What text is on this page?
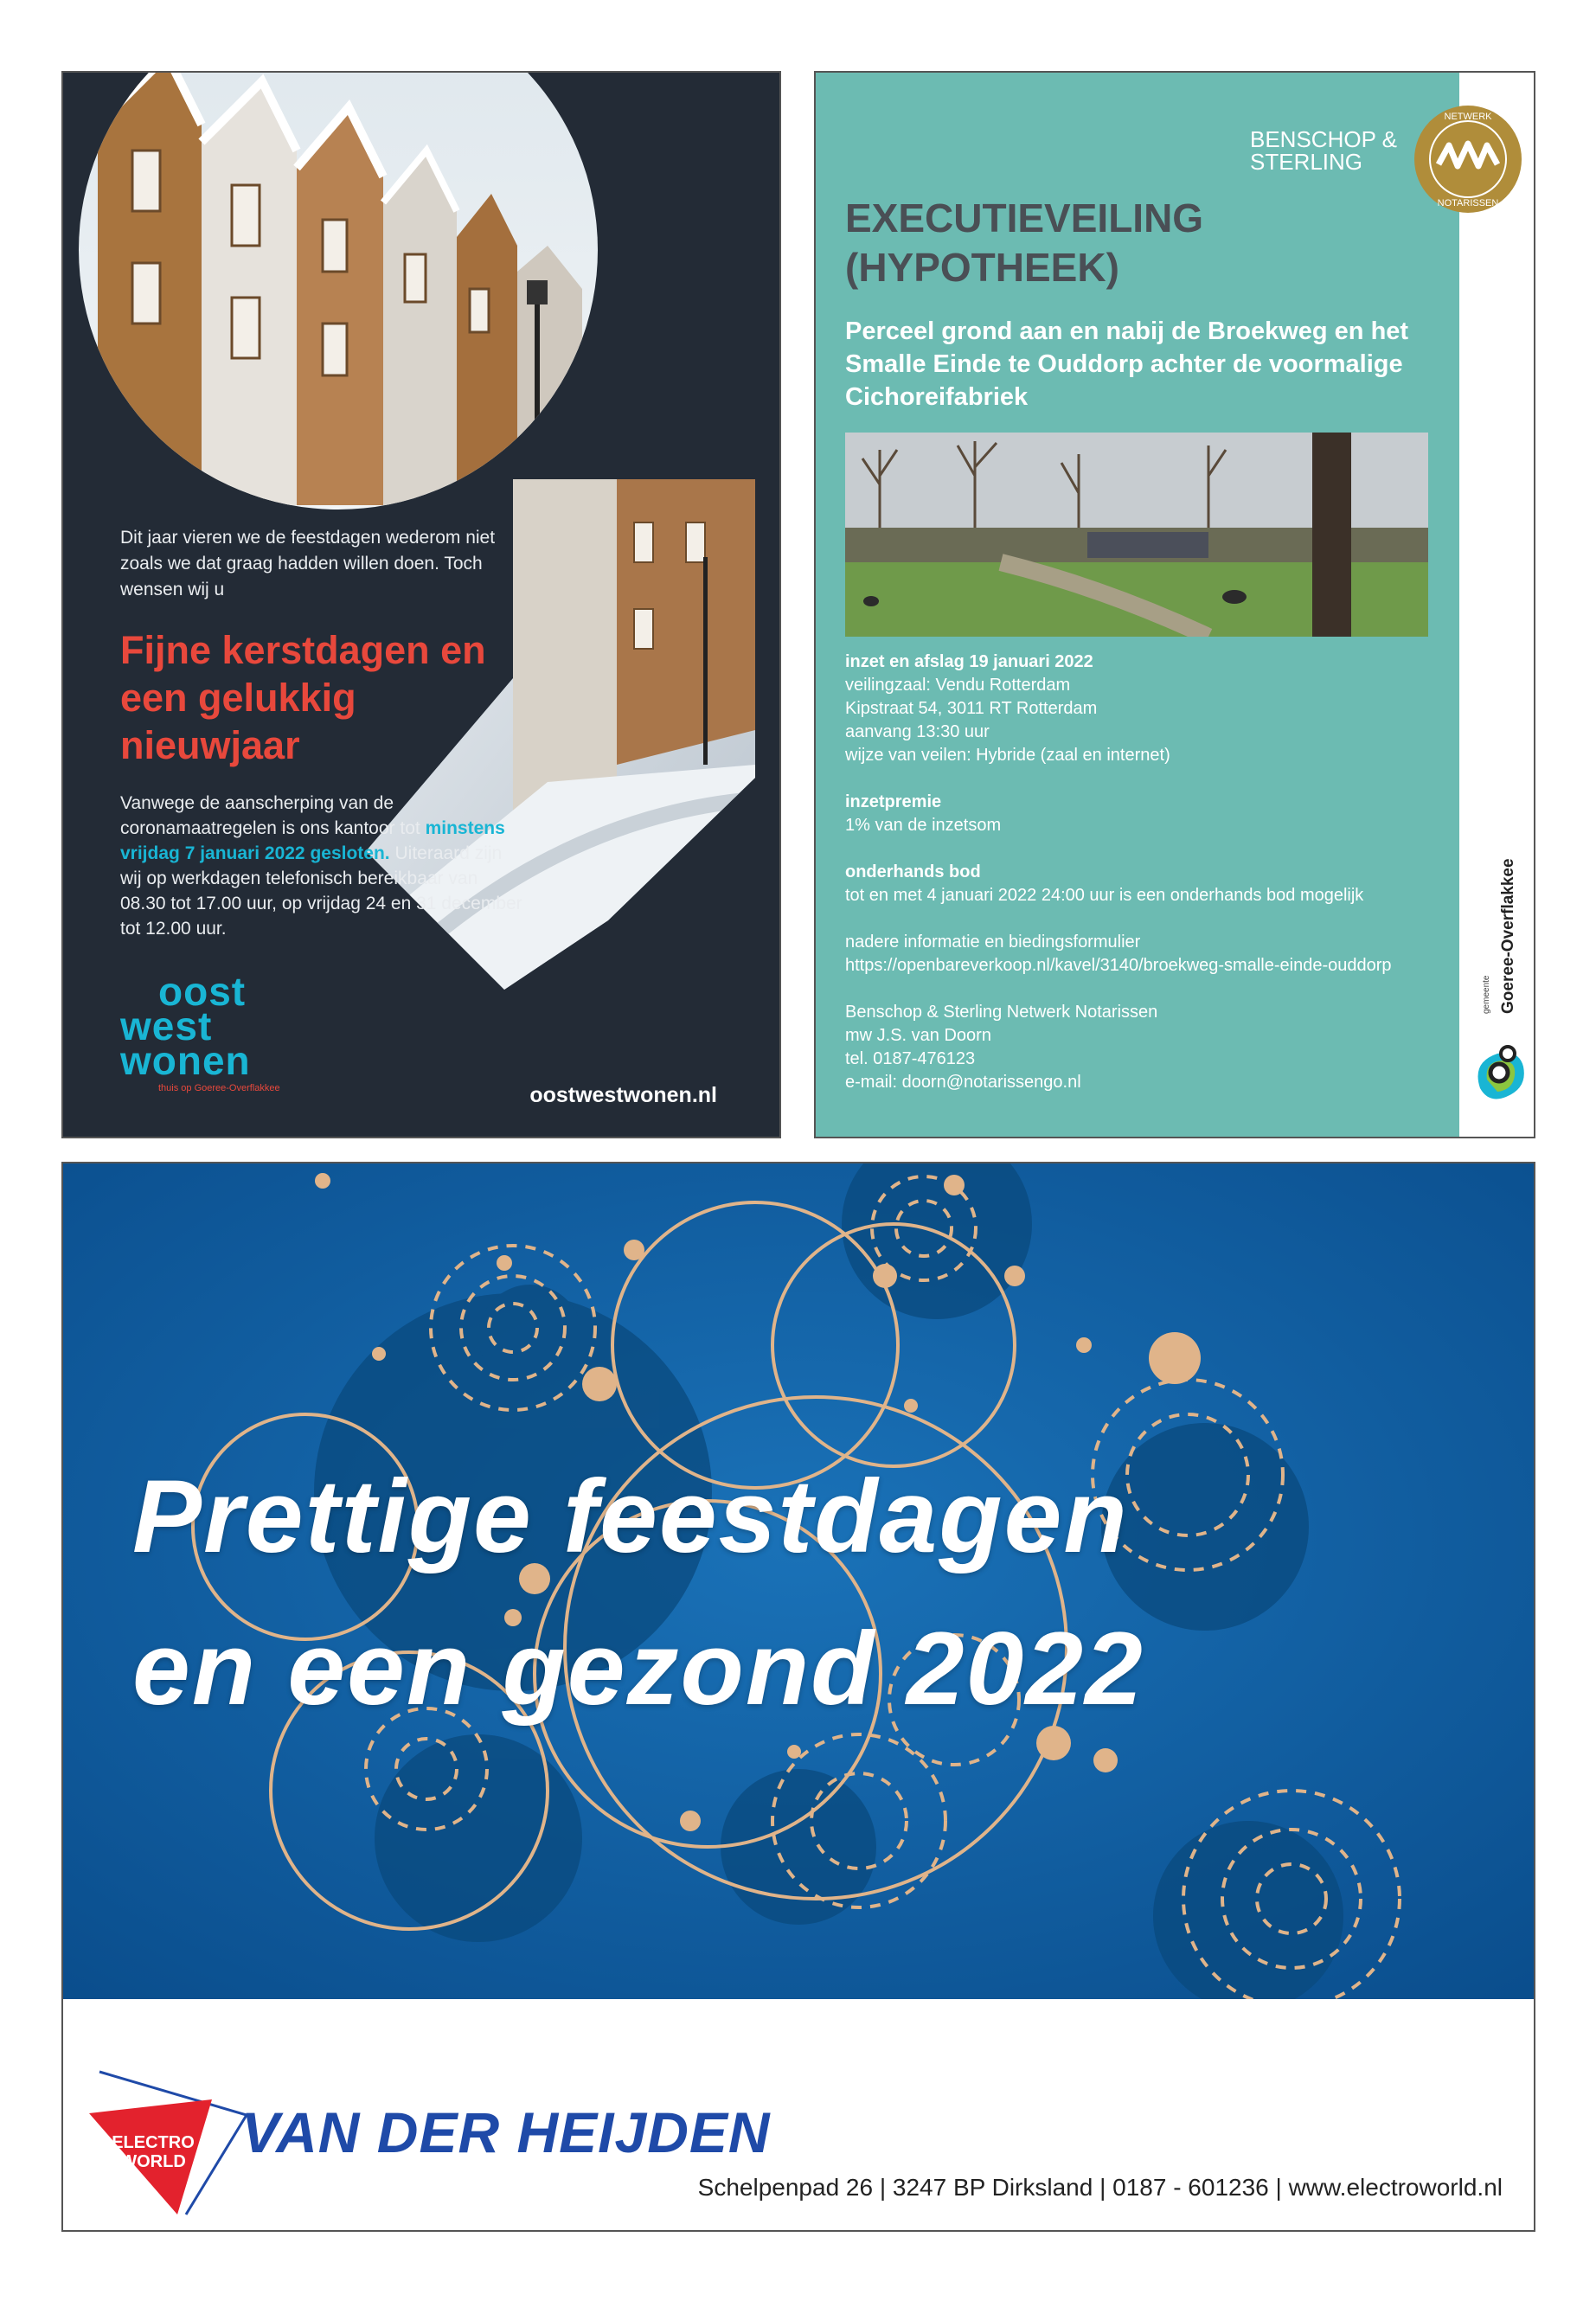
Dit jaar vieren we de feestdagen wederom niet zoals we dat graag hadden willen doen. Toch wensen wij u
Fijne kerstdagen en een gelukkig nieuwjaar
Vanwege de aanscherping van de coronamaatregelen is ons kantoor tot minstens vrijdag 7 januari 2022 gesloten. Uiteraard zijn wij op werkdagen telefonisch bereikbaar van 08.30 tot 17.00 uur, op vrijdag 24 en 31 december tot 12.00 uur.
oost
west
wonen
thuis op Goeree-Overflakkee	oostwestwonen.nl
BENSCHOP &
STERLING
NETWERK
NOTARISSEN
EXECUTIEVEILING (HYPOTHEEK)
Perceel grond aan en nabij de Broekweg en het Smalle Einde te Ouddorp achter de voormalige Cichoreifabriek
inzet en afslag 19 januari 2022
veilingzaal: Vendu Rotterdam
Kipstraat 54, 3011 RT Rotterdam
aanvang 13:30 uur
wijze van veilen: Hybride (zaal en internet)
inzetpremie
1% van de inzetsom
onderhands bod
tot en met 4 januari 2022 24:00 uur is een onderhands bod mogelijk
nadere informatie en biedingsformulier
https://openbareverkoop.nl/kavel/3140/broekweg-smalle-einde-ouddorp
Benschop & Sterling Netwerk Notarissen
mw J.S. van Doorn
tel. 0187-476123
e-mail: doorn@notarissengo.nl
gemeente Goeree-Overflakkee
Prettige feestdagen
en een gezond 2022
ELECTRO
WORLD VAN DER HEIJDEN
Schelpenpad 26 | 3247 BP Dirksland | 0187 - 601236 | www.electroworld.nl
